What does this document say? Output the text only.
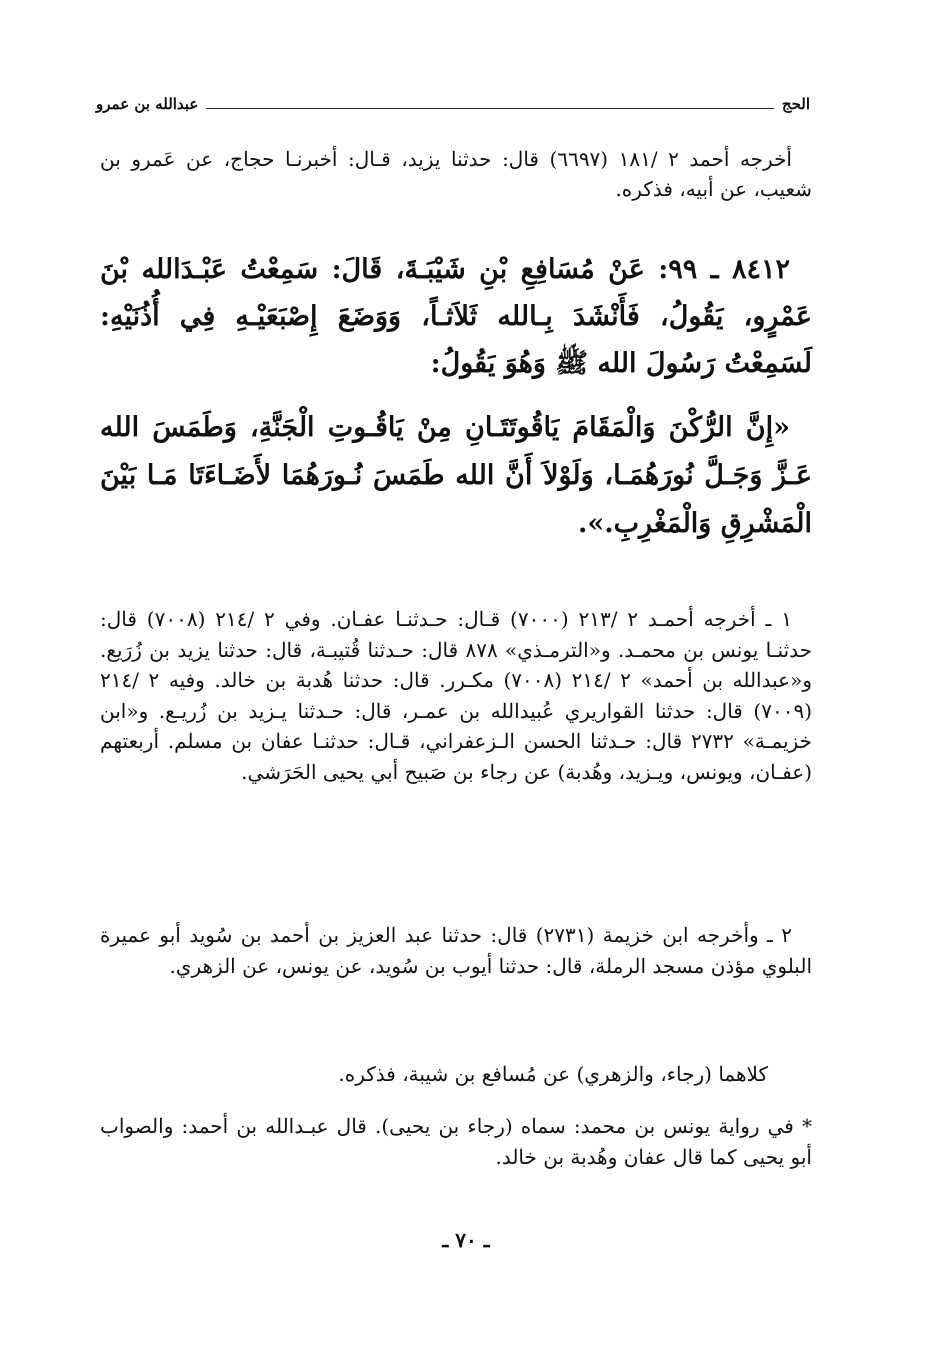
الحج
عبدالله بن عمرو

أخرجه أحمد ٢ /١٨١ (٦٦٩٧) قال: حدثنا يزيد، قـال: أخبرنـا حجاج، عن عَمرو بن شعيب، عن أبيه، فذكره.

٨٤١٢ ـ ٩٩: عَنْ مُسَافِعِ بْنِ شَيْبَـةَ، قَالَ: سَمِعْتُ عَبْـدَالله بْنَ عَمْرٍو، يَقُولُ، فَأَنْشَدَ بِـالله ثَلاَثـاً، وَوَضَعَ إِصْبَعَيْـهِ فِي أُذُنَيْهِ: لَسَمِعْتُ رَسُولَ الله ﷺ وَهُوَ يَقُولُ:

«إِنَّ الرُّكْنَ وَالْمَقَامَ يَاقُوتَتَـانِ مِنْ يَاقُـوتِ الْجَنَّةِ، وَطَمَسَ الله عَـزَّ وَجَـلَّ نُورَهُمَـا، وَلَوْلاَ أَنَّ الله طَمَسَ نُـورَهُمَا لأَضَـاءَتَا مَـا بَيْنَ الْمَشْرِقِ وَالْمَغْرِبِ.».

١ ـ أخرجه أحمـد ٢ /٢١٣ (٧٠٠٠) قـال: حـدثنـا عفـان. وفي ٢ /٢١٤ (٧٠٠٨) قال: حدثنـا يونس بن محمـد. و«الترمـذي» ٨٧٨ قال: حـدثنا قُتيبـة، قال: حدثنا يزيد بن زُرَيع. و«عبدالله بن أحمد» ٢ /٢١٤ (٧٠٠٨) مكـرر. قال: حدثنا هُدبة بن خالد. وفيه ٢ /٢١٤ (٧٠٠٩) قال: حدثنا القواريري عُبيدالله بن عمـر، قال: حـدثنا يـزيد بن زُريـع. و«ابن خزيمـة» ٢٧٣٢ قال: حـدثنا الحسن الـزعفراني، قـال: حدثنـا عفان بن مسلم. أربعتهم (عفـان، ويونس، ويـزيد، وهُدبة) عن رجاء بن صَبيح أبي يحيى الحَرَشي.

٢ ـ وأخرجه ابن خزيمة (٢٧٣١) قال: حدثنا عبد العزيز بن أحمد بن سُويد أبو عميرة البلوي مؤذن مسجد الرملة، قال: حدثنا أيوب بن سُويد، عن يونس، عن الزهري.

كلاهما (رجاء، والزهري) عن مُسافع بن شيبة، فذكره.

* في رواية يونس بن محمد: سماه (رجاء بن يحيى). قال عبـدالله بن أحمد: والصواب أبو يحيى كما قال عفان وهُدبة بن خالد.

ـ ٧٠ ـ
